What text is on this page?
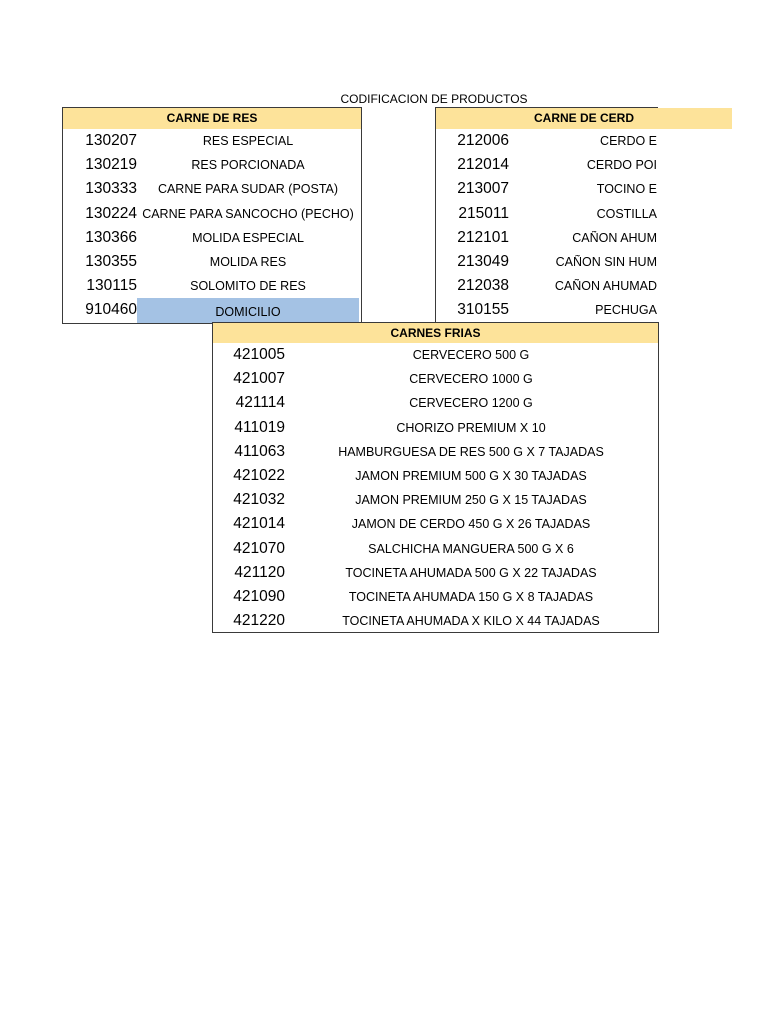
CODIFICACION DE PRODUCTOS
CARNE DE RES
130207	RES ESPECIAL
130219	RES PORCIONADA
130333	CARNE PARA SUDAR (POSTA)
130224 CARNE PARA SANCOCHO (PECHO)
130366	MOLIDA ESPECIAL
130355	MOLIDA RES
130115	SOLOMITO DE RES
910460	DOMICILIO
CARNE DE CERD
212006	CERDO E
212014	CERDO POI
213007	TOCINO E
215011	COSTILLA
212101	CAÑON AHUM
213049	CAÑON SIN HUM
212038	CAÑON AHUMAD
310155	PECHUGA
CARNES FRIAS
421005	CERVECERO 500 G
421007	CERVECERO 1000 G
421114	CERVECERO 1200 G
411019	CHORIZO PREMIUM X 10
411063	HAMBURGUESA DE RES 500 G X 7 TAJADAS
421022	JAMON PREMIUM 500 G X 30 TAJADAS
421032	JAMON PREMIUM 250 G X 15 TAJADAS
421014	JAMON DE CERDO 450 G X 26 TAJADAS
421070	SALCHICHA MANGUERA 500 G X 6
421120	TOCINETA AHUMADA 500 G X 22 TAJADAS
421090	TOCINETA AHUMADA 150 G X 8 TAJADAS
421220	TOCINETA AHUMADA X KILO X 44 TAJADAS
